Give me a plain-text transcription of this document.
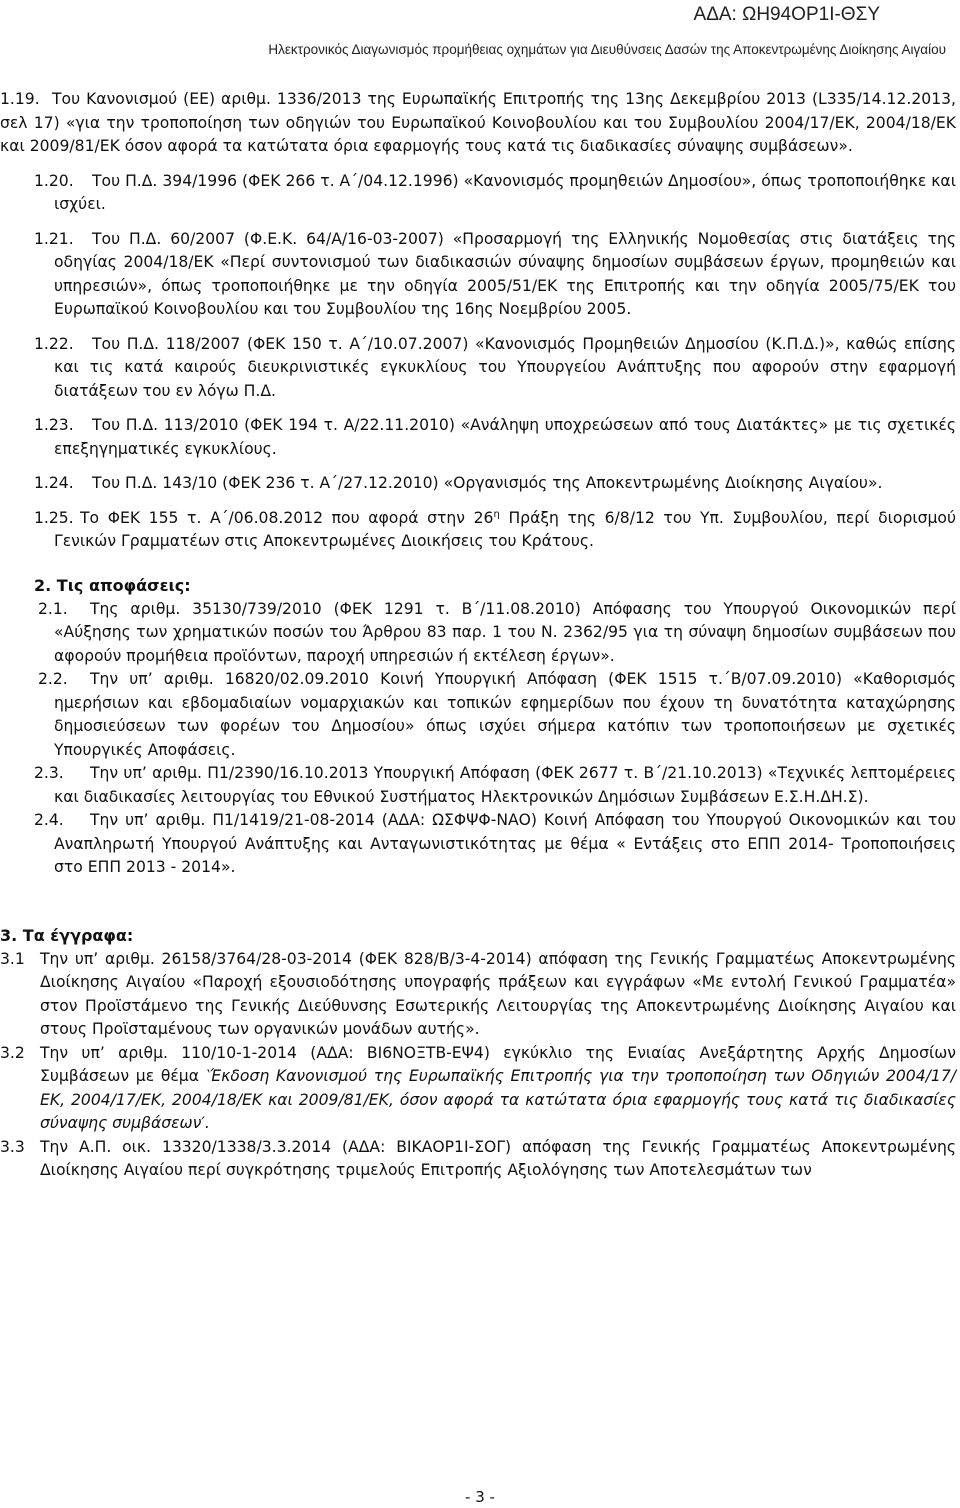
ΑΔΑ: ΩΗ94ΟΡ1Ι-ΘΣΥ
Ηλεκτρονικός Διαγωνισμός προμήθειας οχημάτων για Διευθύνσεις Δασών της Αποκεντρωμένης Διοίκησης Αιγαίου
1.19. Του Κανονισμού (ΕΕ) αριθμ. 1336/2013 της Ευρωπαϊκής Επιτροπής της 13ης Δεκεμβρίου 2013 (L335/14.12.2013, σελ 17) «για την τροποποίηση των οδηγιών του Ευρωπαϊκού Κοινοβουλίου και του Συμβουλίου 2004/17/ΕΚ, 2004/18/ΕΚ και 2009/81/ΕΚ όσον αφορά τα κατώτατα όρια εφαρμογής τους κατά τις διαδικασίες σύναψης συμβάσεων».
1.20.	Του Π.Δ. 394/1996 (ΦΕΚ 266 τ. Α΄/04.12.1996) «Κανονισμός προμηθειών Δημοσίου», όπως τροποποιήθηκε και ισχύει.
1.21.	Του Π.Δ. 60/2007 (Φ.Ε.Κ. 64/Α/16-03-2007) «Προσαρμογή της Ελληνικής Νομοθεσίας στις διατάξεις της οδηγίας 2004/18/ΕΚ «Περί συντονισμού των διαδικασιών σύναψης δημοσίων συμβάσεων έργων, προμηθειών και υπηρεσιών», όπως τροποποιήθηκε με την οδηγία 2005/51/ΕΚ της Επιτροπής και την οδηγία 2005/75/ΕΚ του Ευρωπαϊκού Κοινοβουλίου και του Συμβουλίου της 16ης Νοεμβρίου 2005.
1.22.	Του Π.Δ. 118/2007 (ΦΕΚ 150 τ. Α΄/10.07.2007) «Κανονισμός Προμηθειών Δημοσίου (Κ.Π.Δ.)», καθώς επίσης και τις κατά καιρούς διευκρινιστικές εγκυκλίους του Υπουργείου Ανάπτυξης που αφορούν στην εφαρμογή διατάξεων του εν λόγω Π.Δ.
1.23.	Του Π.Δ. 113/2010 (ΦΕΚ 194 τ. Α/22.11.2010) «Ανάληψη υποχρεώσεων από τους Διατάκτες» με τις σχετικές επεξηγηματικές εγκυκλίους.
1.24.	Του Π.Δ. 143/10 (ΦΕΚ 236 τ. Α΄/27.12.2010) «Οργανισμός της Αποκεντρωμένης Διοίκησης Αιγαίου».
1.25. Το ΦΕΚ 155 τ. Α΄/06.08.2012 που αφορά στην $26^\eta$ Πράξη της 6/8/12 του Υπ. Συμβουλίου, περί διορισμού Γενικών Γραμματέων στις Αποκεντρωμένες Διοικήσεις του Κράτους.
2. Τις αποφάσεις:
2.1.	Της αριθμ. 35130/739/2010 (ΦΕΚ 1291 τ. Β΄/11.08.2010) Απόφασης του Υπουργού Οικονομικών περί «Αύξησης των χρηματικών ποσών του Άρθρου 83 παρ. 1 του Ν. 2362/95 για τη σύναψη δημοσίων συμβάσεων που αφορούν προμήθεια προϊόντων, παροχή υπηρεσιών ή εκτέλεση έργων».
2.2.	Την υπ’ αριθμ. 16820/02.09.2010 Κοινή Υπουργική Απόφαση (ΦΕΚ 1515 τ.΄Β/07.09.2010) «Καθορισμός ημερήσιων και εβδομαδιαίων νομαρχιακών και τοπικών εφημερίδων που έχουν τη δυνατότητα καταχώρησης δημοσιεύσεων των φορέων του Δημοσίου» όπως ισχύει σήμερα κατόπιν των τροποποιήσεων με σχετικές Υπουργικές Αποφάσεις.
2.3.	Την υπ’ αριθμ. Π1/2390/16.10.2013 Υπουργική Απόφαση (ΦΕΚ 2677 τ. Β΄/21.10.2013) «Τεχνικές λεπτομέρειες και διαδικασίες λειτουργίας του Εθνικού Συστήματος Ηλεκτρονικών Δημόσιων Συμβάσεων Ε.Σ.Η.ΔΗ.Σ).
2.4.	Την υπ’ αριθμ. Π1/1419/21-08-2014 (ΑΔΑ: ΩΣΦΨΦ-ΝΑΟ) Κοινή Απόφαση του Υπουργού Οικονομικών και του Αναπληρωτή Υπουργού Ανάπτυξης και Ανταγωνιστικότητας με θέμα « Εντάξεις στο ΕΠΠ 2014- Τροποποιήσεις στο ΕΠΠ 2013 - 2014».
3. Τα έγγραφα:
3.1 Την υπ’ αριθμ. 26158/3764/28-03-2014 (ΦΕΚ 828/Β/3-4-2014) απόφαση της Γενικής Γραμματέως Αποκεντρωμένης Διοίκησης Αιγαίου «Παροχή εξουσιοδότησης υπογραφής πράξεων και εγγράφων «Με εντολή Γενικού Γραμματέα» στον Προϊστάμενο της Γενικής Διεύθυνσης Εσωτερικής Λειτουργίας της Αποκεντρωμένης Διοίκησης Αιγαίου και στους Προϊσταμένους των οργανικών μονάδων αυτής».
3.2 Την υπ’ αριθμ. 110/10-1-2014 (ΑΔΑ: ΒΙ6ΝΟΞΤΒ-ΕΨ4) εγκύκλιο της Ενιαίας Ανεξάρτητης Αρχής Δημοσίων Συμβάσεων με θέμα ‵Έκδοση Κανονισμού της Ευρωπαϊκής Επιτροπής για την τροποποίηση των Οδηγιών 2004/17/ΕΚ, 2004/17/ΕΚ, 2004/18/ΕΚ και 2009/81/ΕΚ, όσον αφορά τα κατώτατα όρια εφαρμογής τους κατά τις διαδικασίες σύναψης συμβάσεων′.
3.3 Την Α.Π. οικ. 13320/1338/3.3.2014 (ΑΔΑ: ΒΙΚΑΟΡ1Ι-ΣΟΓ) απόφαση της Γενικής Γραμματέως Αποκεντρωμένης Διοίκησης Αιγαίου περί συγκρότησης τριμελούς Επιτροπής Αξιολόγησης των Αποτελεσμάτων των
- 3 -
